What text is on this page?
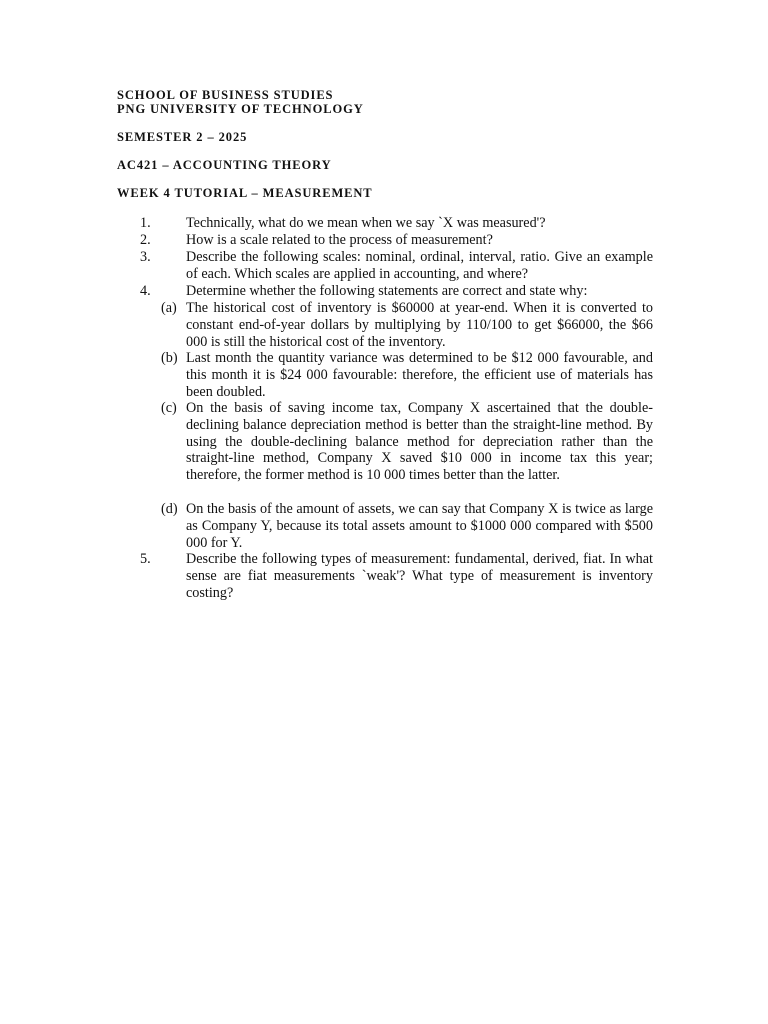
SCHOOL OF BUSINESS STUDIES
PNG UNIVERSITY OF TECHNOLOGY
SEMESTER 2 – 2025
AC421 – ACCOUNTING THEORY
WEEK 4 TUTORIAL – MEASUREMENT
1. Technically, what do we mean when we say `X was measured'?
2. How is a scale related to the process of measurement?
3. Describe the following scales: nominal, ordinal, interval, ratio. Give an example of each. Which scales are applied in accounting, and where?
4. Determine whether the following statements are correct and state why:
(a) The historical cost of inventory is $60000 at year-end. When it is converted to constant end-of-year dollars by multiplying by 110/100 to get $66000, the $66 000 is still the historical cost of the inventory.
(b) Last month the quantity variance was determined to be $12 000 favourable, and this month it is $24 000 favourable: therefore, the efficient use of materials has been doubled.
(c) On the basis of saving income tax, Company X ascertained that the double-declining balance depreciation method is better than the straight-line method. By using the double-declining balance method for depreciation rather than the straight-line method, Company X saved $10 000 in income tax this year; therefore, the former method is 10 000 times better than the latter.
(d) On the basis of the amount of assets, we can say that Company X is twice as large as Company Y, because its total assets amount to $1000 000 compared with $500 000 for Y.
5. Describe the following types of measurement: fundamental, derived, fiat. In what sense are fiat measurements `weak'? What type of measurement is inventory costing?
